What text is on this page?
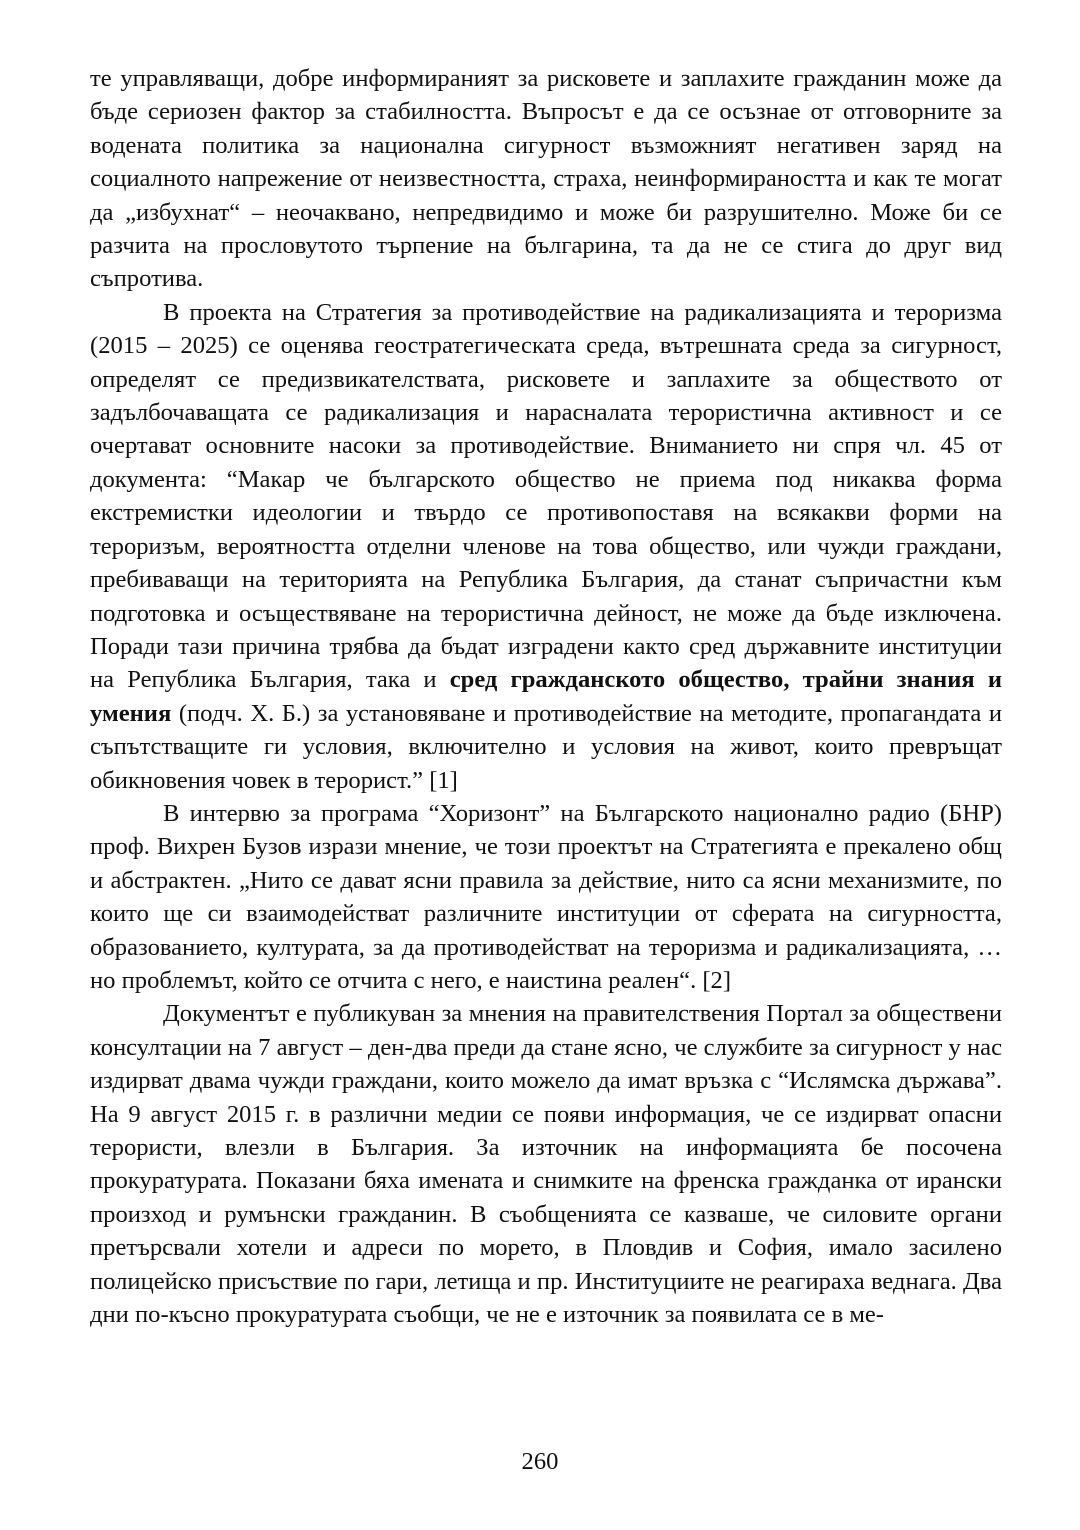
те управляващи, добре информираният за рисковете и заплахите гражданин може да бъде сериозен фактор за стабилността. Въпросът е да се осъзнае от отговорните за водената политика за национална сигурност възможният негативен заряд на социалното напрежение от неизвестността, страха, неинформираността и как те могат да „избухнат“ – неочаквано, непредвидимо и може би разрушително. Може би се разчита на прословутото търпение на българина, та да не се стига до друг вид съпротива.

В проекта на Стратегия за противодействие на радикализацията и тероризма (2015 – 2025) се оценява геостратегическата среда, вътрешната среда за сигурност, определят се предизвикателствата, рисковете и заплахите за обществото от задълбочаващата се радикализация и нарасналата терористична активност и се очертават основните насоки за противодействие. Вниманието ни спря чл. 45 от документа: “Макар че българското общество не приема под никаква форма екстремистки идеологии и твърдо се противопоставя на всякакви форми на тероризъм, вероятността отделни членове на това общество, или чужди граждани, пребиваващи на територията на Република България, да станат съпричастни към подготовка и осъществяване на терористична дейност, не може да бъде изключена. Поради тази причина трябва да бъдат изградени както сред държавните институции на Република България, така и сред гражданското общество, трайни знания и умения (подч. Х. Б.) за установяване и противодействие на методите, пропагандата и съпътстващите ги условия, включително и условия на живот, които превръщат обикновения човек в терорист.” [1]

В интервю за програма “Хоризонт” на Българското национално радио (БНР) проф. Вихрен Бузов изрази мнение, че този проектът на Стратегията е прекалено общ и абстрактен. „Нито се дават ясни правила за действие, нито са ясни механизмите, по които ще си взаимодействат различните институции от сферата на сигурността, образованието, културата, за да противодействат на тероризма и радикализацията, … но проблемът, който се отчита с него, е наистина реален“. [2]

Документът е публикуван за мнения на правителствения Портал за обществени консултации на 7 август – ден-два преди да стане ясно, че службите за сигурност у нас издирват двама чужди граждани, които можело да имат връзка с “Ислямска държава”. На 9 август 2015 г. в различни медии се появи информация, че се издирват опасни терористи, влезли в България. За източник на информацията бе посочена прокуратурата. Показани бяха имената и снимките на френска гражданка от ирански произход и румънски гражданин. В съобщенията се казваше, че силовите органи претърсвали хотели и адреси по морето, в Пловдив и София, имало засилено полицейско присъствие по гари, летища и пр. Институциите не реагираха веднага. Два дни по-късно прокуратурата съобщи, че не е източник за появилата се в ме-

260
